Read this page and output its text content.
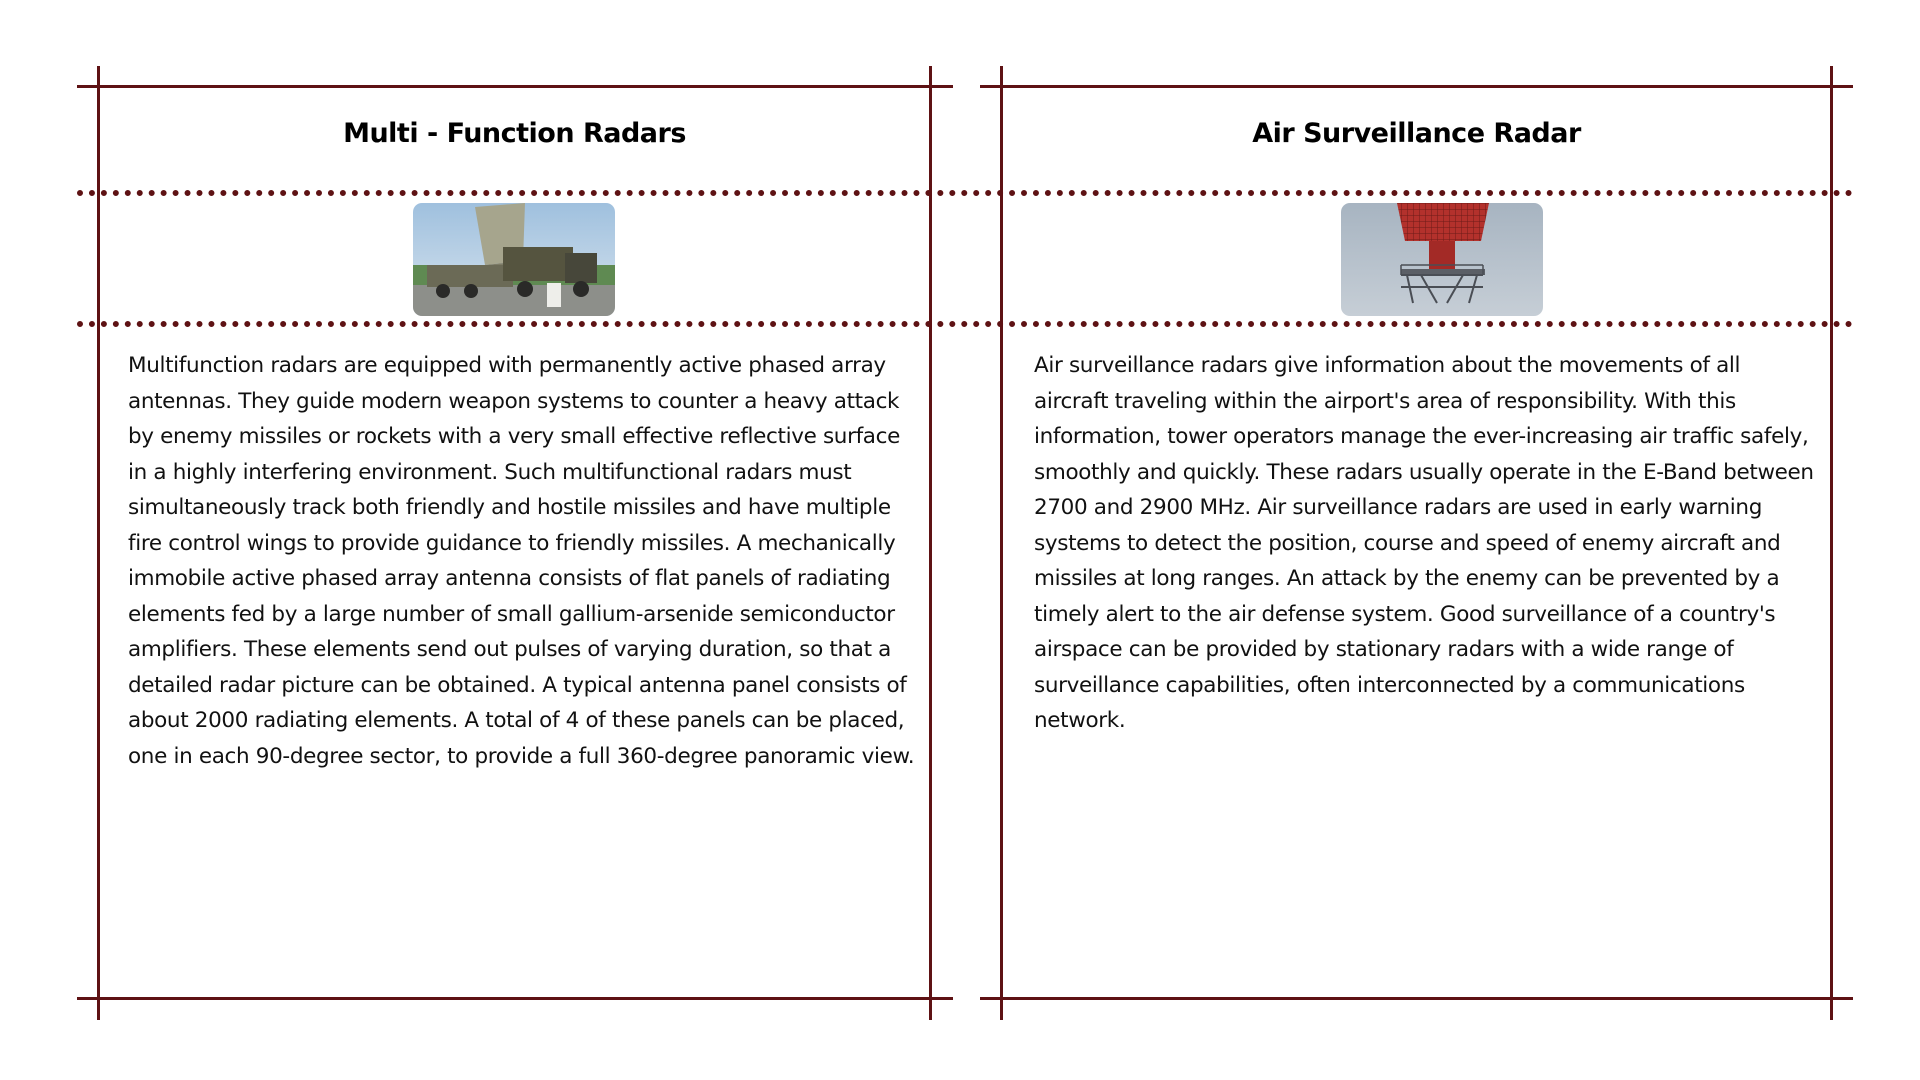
Multi - Function Radars

Multifunction radars are equipped with permanently active phased array antennas. They guide modern weapon systems to counter a heavy attack by enemy missiles or rockets with a very small effective reflective surface in a highly interfering environment. Such multifunctional radars must simultaneously track both friendly and hostile missiles and have multiple fire control wings to provide guidance to friendly missiles. A mechanically immobile active phased array antenna consists of flat panels of radiating elements fed by a large number of small gallium-arsenide semiconductor amplifiers. These elements send out pulses of varying duration, so that a detailed radar picture can be obtained. A typical antenna panel consists of about 2000 radiating elements. A total of 4 of these panels can be placed, one in each 90-degree sector, to provide a full 360-degree panoramic view.

Air Surveillance Radar

Air surveillance radars give information about the movements of all aircraft traveling within the airport's area of responsibility. With this information, tower operators manage the ever-increasing air traffic safely, smoothly and quickly. These radars usually operate in the E-Band between 2700 and 2900 MHz. Air surveillance radars are used in early warning systems to detect the position, course and speed of enemy aircraft and missiles at long ranges. An attack by the enemy can be prevented by a timely alert to the air defense system. Good surveillance of a country's airspace can be provided by stationary radars with a wide range of surveillance capabilities, often interconnected by a communications network.
